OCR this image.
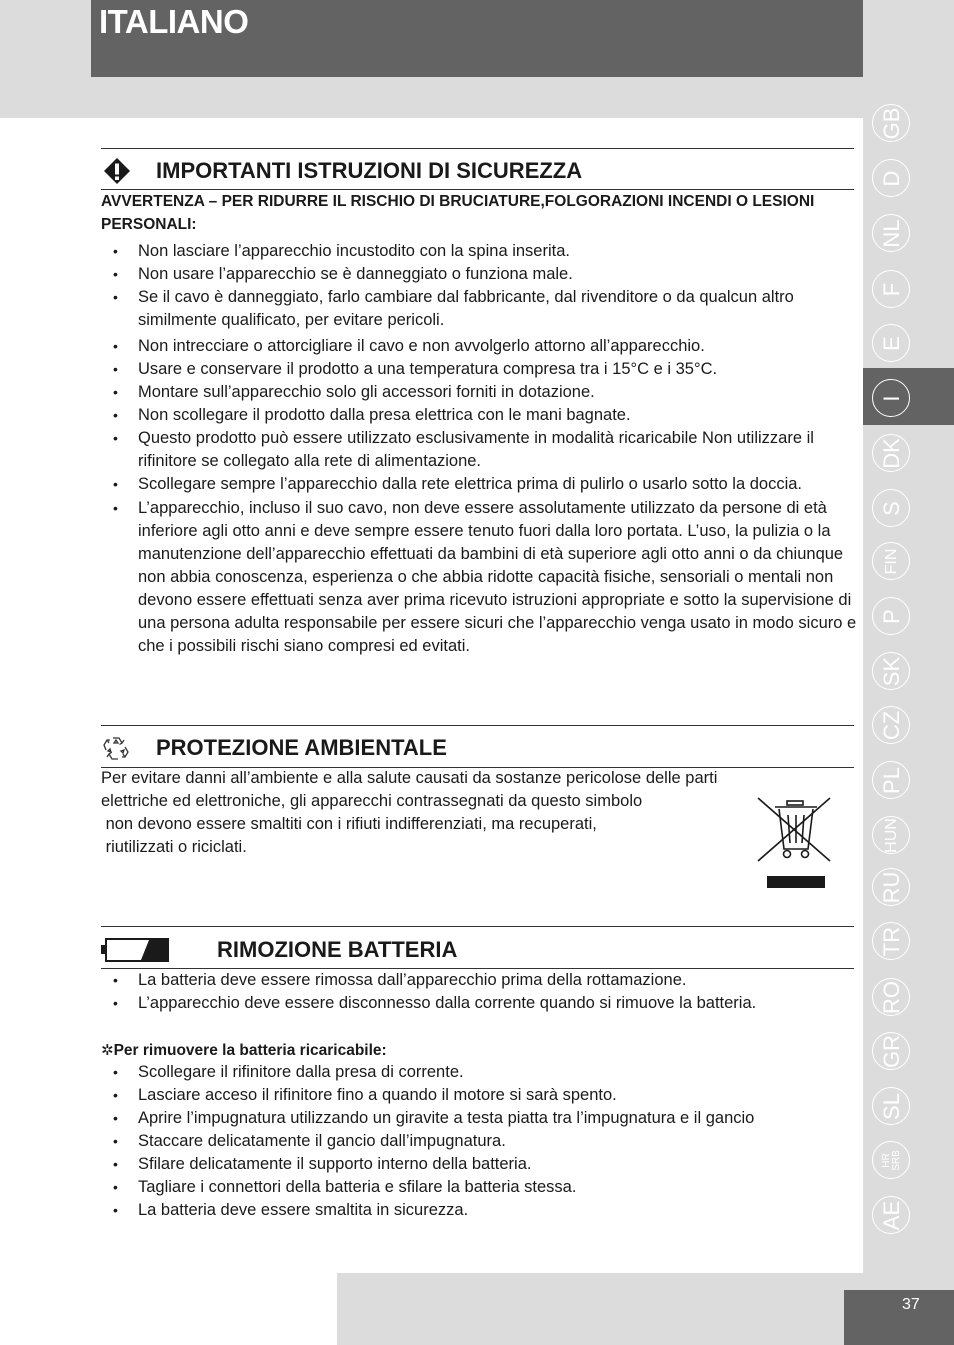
ITALIANO
GB
D
NL
F
E
I
DK
S
FIN
P
SK
CZ
PL
HUN
RU
TR
RO
GR
SL
HR SRB
AE
IMPORTANTI ISTRUZIONI DI SICUREZZA
AVVERTENZA – PER RIDURRE IL RISCHIO DI BRUCIATURE,FOLGORAZIONI INCENDI O LESIONI PERSONALI:
• Non lasciare l’apparecchio incustodito con la spina inserita.
• Non usare l’apparecchio se è danneggiato o funziona male.
• Se il cavo è danneggiato, farlo cambiare dal fabbricante, dal rivenditore o da qualcun altro similmente qualificato, per evitare pericoli.
• Non intrecciare o attorcigliare il cavo e non avvolgerlo attorno all’apparecchio.
• Usare e conservare il prodotto a una temperatura compresa tra i 15°C e i 35°C.
• Montare sull’apparecchio solo gli accessori forniti in dotazione.
• Non scollegare il prodotto dalla presa elettrica con le mani bagnate.
• Questo prodotto può essere utilizzato esclusivamente in modalità ricaricabile Non utilizzare il rifinitore se collegato alla rete di alimentazione.
• Scollegare sempre l’apparecchio dalla rete elettrica prima di pulirlo o usarlo sotto la doccia.
• L’apparecchio, incluso il suo cavo, non deve essere assolutamente utilizzato da persone di età inferiore agli otto anni e deve sempre essere tenuto fuori dalla loro portata. L’uso, la pulizia o la manutenzione dell’apparecchio effettuati da bambini di età superiore agli otto anni o da chiunque non abbia conoscenza, esperienza o che abbia ridotte capacità fisiche, sensoriali o mentali non devono essere effettuati senza aver prima ricevuto istruzioni appropriate e sotto la supervisione di una persona adulta responsabile per essere sicuri che l’apparecchio venga usato in modo sicuro e che i possibili rischi siano compresi ed evitati.
PROTEZIONE AMBIENTALE
Per evitare danni all’ambiente e alla salute causati da sostanze pericolose delle parti
elettriche ed elettroniche, gli apparecchi contrassegnati da questo simbolo
non devono essere smaltiti con i rifiuti indifferenziati, ma recuperati,
riutilizzati o riciclati.
RIMOZIONE BATTERIA
• La batteria deve essere rimossa dall’apparecchio prima della rottamazione.
• L’apparecchio deve essere disconnesso dalla corrente quando si rimuove la batteria.
✲Per rimuovere la batteria ricaricabile:
• Scollegare il rifinitore dalla presa di corrente.
• Lasciare acceso il rifinitore fino a quando il motore si sarà spento.
• Aprire l’impugnatura utilizzando un giravite a testa piatta tra l’impugnatura e il gancio
• Staccare delicatamente il gancio dall’impugnatura.
• Sfilare delicatamente il supporto interno della batteria.
• Tagliare i connettori della batteria e sfilare la batteria stessa.
• La batteria deve essere smaltita in sicurezza.
37
